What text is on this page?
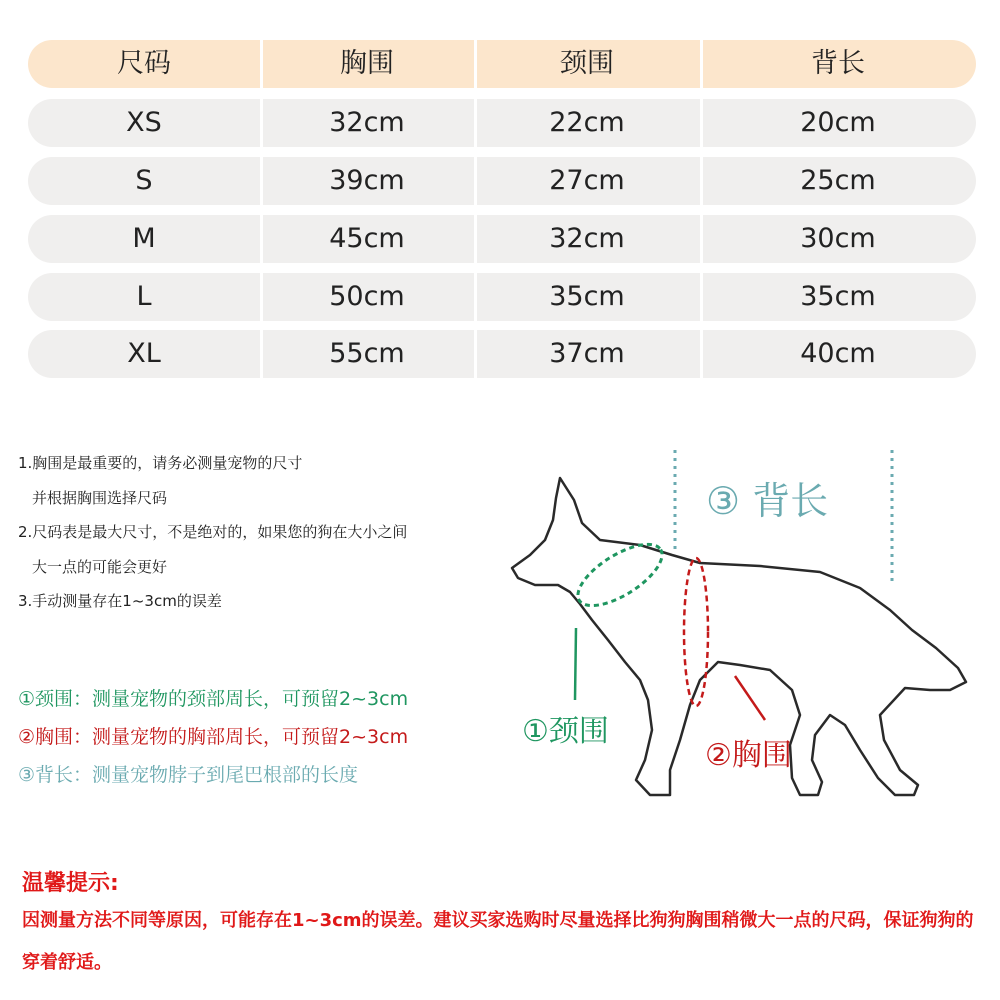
尺码	胸围	颈围	背长
XS	32cm	22cm	20cm
S	39cm	27cm	25cm
M	45cm	32cm	30cm
L	50cm	35cm	35cm
XL	55cm	37cm	40cm
1.胸围是最重要的，请务必测量宠物的尺寸
并根据胸围选择尺码
2.尺码表是最大尺寸，不是绝对的，如果您的狗在大小之间
大一点的可能会更好
3.手动测量存在1~3cm的误差
①颈围：测量宠物的颈部周长，可预留2~3cm
②胸围：测量宠物的胸部周长，可预留2~3cm
③背长：测量宠物脖子到尾巴根部的长度
③ 背长
①颈围
②胸围
温馨提示:
因测量方法不同等原因，可能存在1~3cm的误差。建议买家选购时尽量选择比狗狗胸围稍微大一点的尺码，保证狗狗的穿着舒适。
